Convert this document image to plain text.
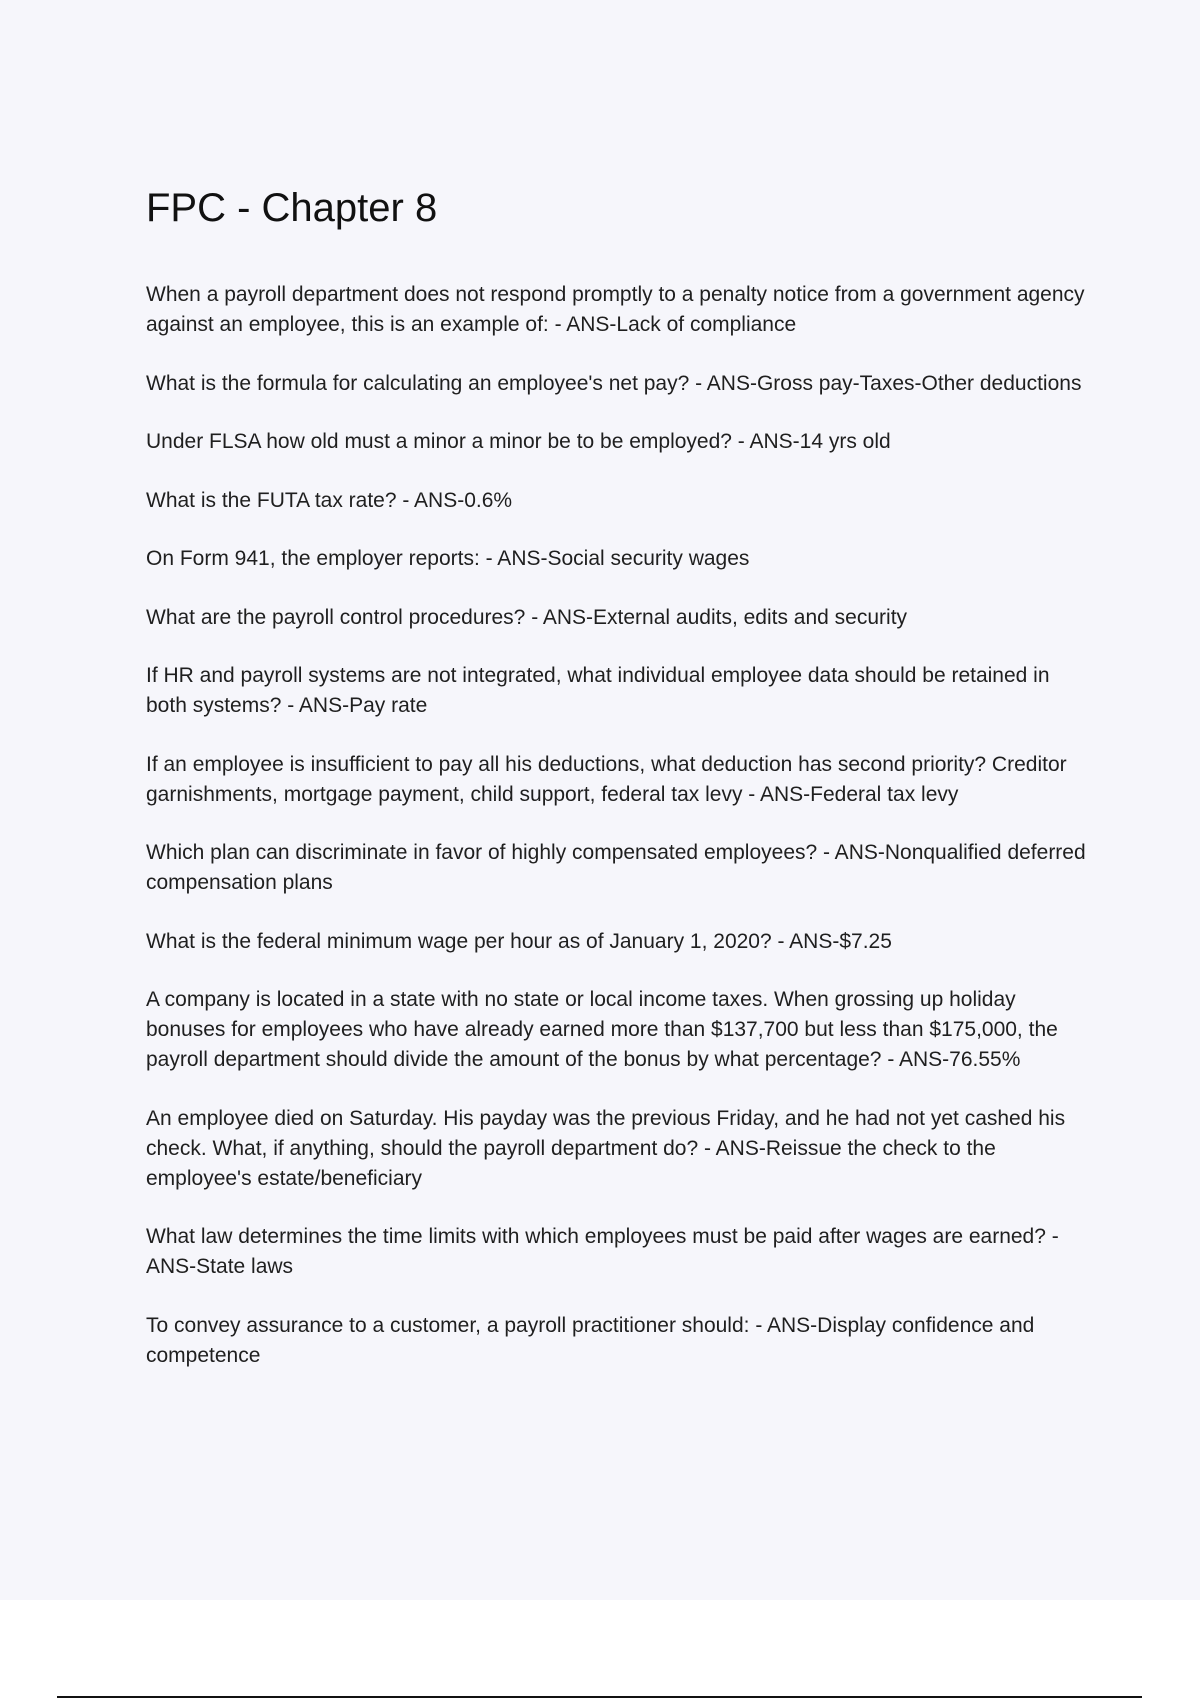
FPC - Chapter 8
When a payroll department does not respond promptly to a penalty notice from a government agency against an employee, this is an example of: - ANS-Lack of compliance
What is the formula for calculating an employee's net pay? - ANS-Gross pay-Taxes-Other deductions
Under FLSA how old must a minor a minor be to be employed? - ANS-14 yrs old
What is the FUTA tax rate? - ANS-0.6%
On Form 941, the employer reports: - ANS-Social security wages
What are the payroll control procedures? - ANS-External audits, edits and security
If HR and payroll systems are not integrated, what individual employee data should be retained in both systems? - ANS-Pay rate
If an employee is insufficient to pay all his deductions, what deduction has second priority? Creditor garnishments, mortgage payment, child support, federal tax levy - ANS-Federal tax levy
Which plan can discriminate in favor of highly compensated employees? - ANS-Nonqualified deferred compensation plans
What is the federal minimum wage per hour as of January 1, 2020? - ANS-$7.25
A company is located in a state with no state or local income taxes. When grossing up holiday bonuses for employees who have already earned more than $137,700 but less than $175,000, the payroll department should divide the amount of the bonus by what percentage? - ANS-76.55%
An employee died on Saturday. His payday was the previous Friday, and he had not yet cashed his check. What, if anything, should the payroll department do? - ANS-Reissue the check to the employee's estate/beneficiary
What law determines the time limits with which employees must be paid after wages are earned? - ANS-State laws
To convey assurance to a customer, a payroll practitioner should: - ANS-Display confidence and competence
